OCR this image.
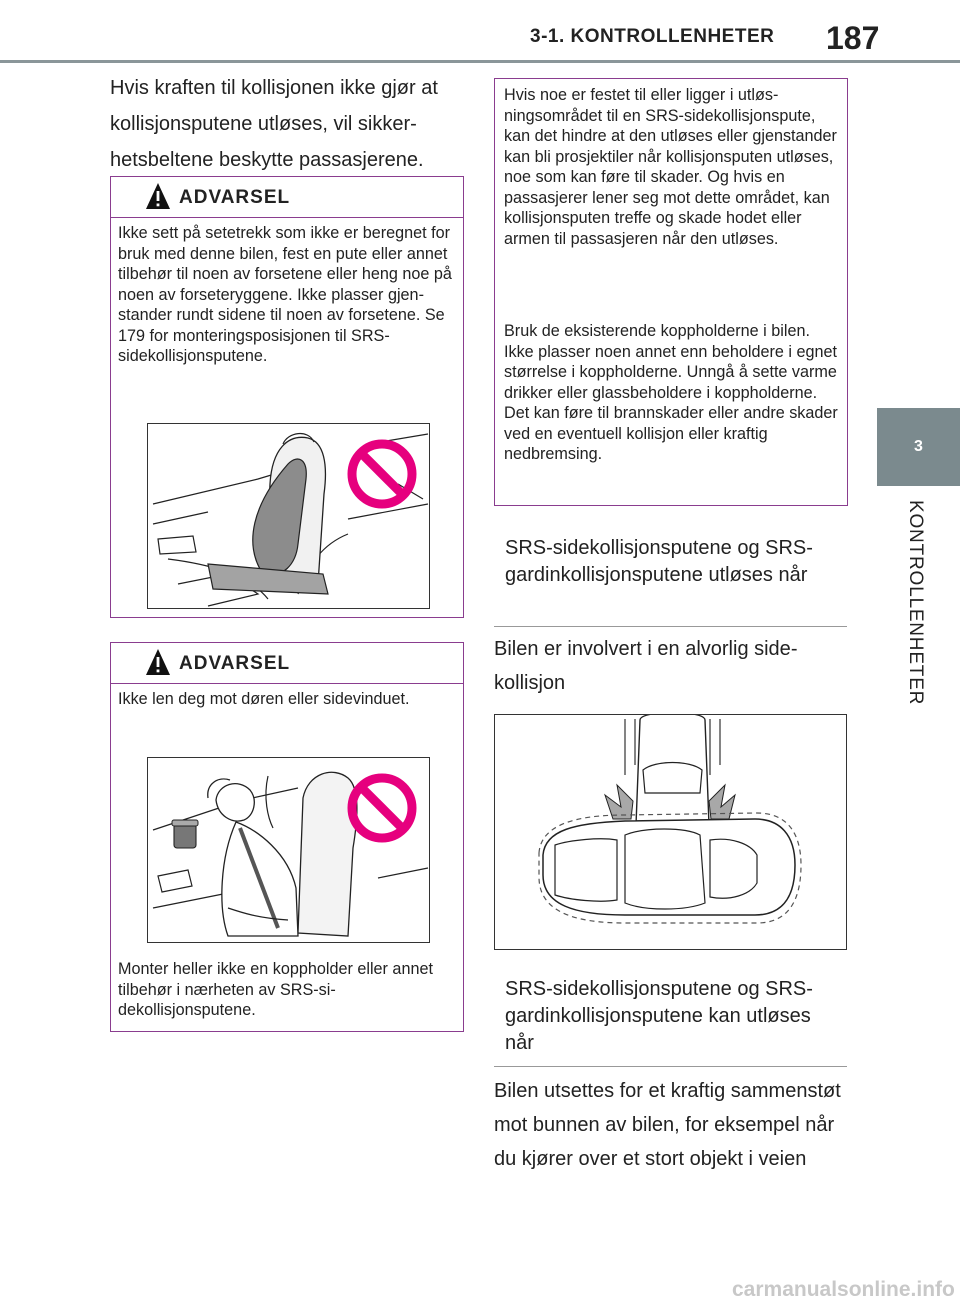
3-1. KONTROLLENHETER 187
3
KONTROLLENHETER
Hvis kraften til kollisjonen ikke gjør at kollisjonsputene utløses, vil sikkerhetsbeltene beskytte passasjerene.
ADVARSEL
Ikke sett på setetrekk som ikke er beregnet for bruk med denne bilen, fest en pute eller annet tilbehør til noen av forsetene eller heng noe på noen av forseteryggene. Ikke plasser gjenstander rundt sidene til noen av forsetene. Se 179 for monteringsposisjonen til SRS-sidekollisjonsputene.
ADVARSEL
Ikke len deg mot døren eller sidevinduet.
Monter heller ikke en koppholder eller annet tilbehør i nærheten av SRS-sidekollisjonsputene.
Hvis noe er festet til eller ligger i utløsningsområdet til en SRS-sidekollisjonspute, kan det hindre at den utløses eller gjenstander kan bli prosjektiler når kollisjonsputen utløses, noe som kan føre til skader. Og hvis en passasjerer lener seg mot dette området, kan kollisjonsputen treffe og skade hodet eller armen til passasjeren når den utløses.
Bruk de eksisterende koppholderne i bilen. Ikke plasser noen annet enn beholdere i egnet størrelse i koppholderne. Unngå å sette varme drikker eller glassbeholdere i koppholderne. Det kan føre til brannskader eller andre skader ved en eventuell kollisjon eller kraftig nedbremsing.
SRS-sidekollisjonsputene og SRS-gardinkollisjonsputene utløses når
Bilen er involvert i en alvorlig sidekollisjon
SRS-sidekollisjonsputene og SRS-gardinkollisjonsputene kan utløses når
Bilen utsettes for et kraftig sammenstøt mot bunnen av bilen, for eksempel når du kjører over et stort objekt i veien
carmanualsonline.info
